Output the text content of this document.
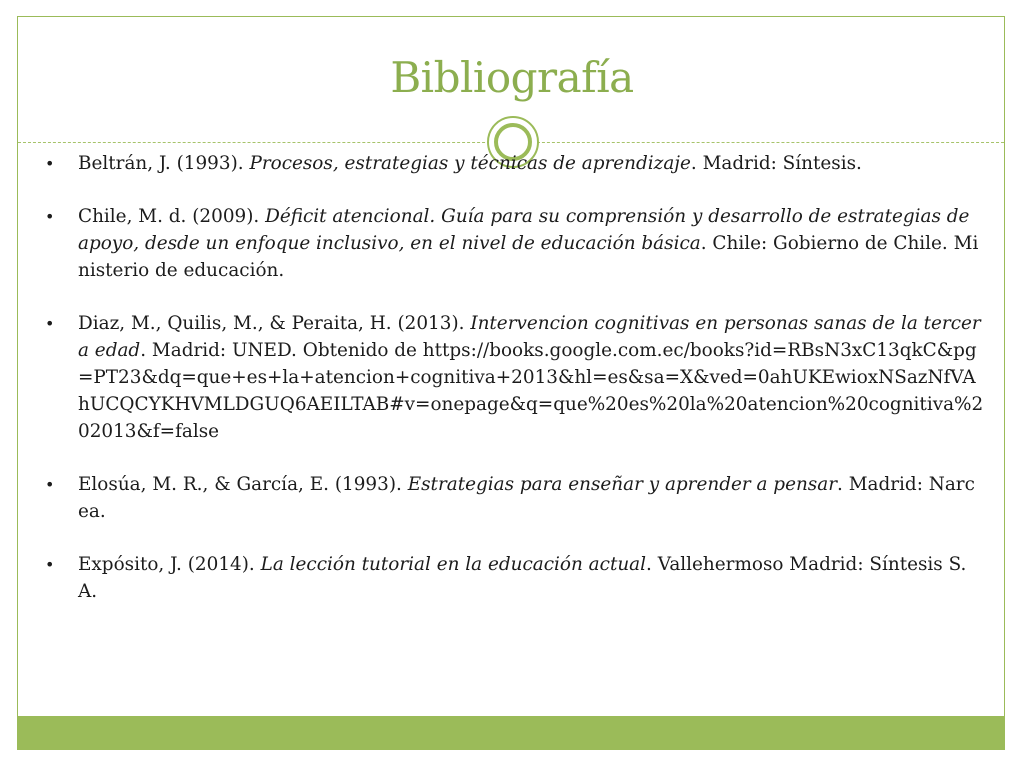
Bibliografía
• Beltrán, J. (1993). Procesos, estrategias y técnicas de aprendizaje. Madrid: Síntesis.
• Chile, M. d. (2009). Déficit atencional. Guía para su comprensión y desarrollo de estrategias de apoyo, desde un enfoque inclusivo, en el nivel de educación básica. Chile: Gobierno de Chile. Ministerio de educación.
• Diaz, M., Quilis, M., & Peraita, H. (2013). Intervencion cognitivas en personas sanas de la tercera edad. Madrid: UNED. Obtenido de https://books.google.com.ec/books?id=RBsN3xC13qkC&pg=PT23&dq=que+es+la+atencion+cognitiva+2013&hl=es&sa=X&ved=0ahUKEwioxNSazNfVAhUCQCYKHVMLDGUQ6AEILTAB#v=onepage&q=que%20es%20la%20atencion%20cognitiva%202013&f=false
• Elosúa, M. R., & García, E. (1993). Estrategias para enseñar y aprender a pensar. Madrid: Narcea.
• Expósito, J. (2014). La lección tutorial en la educación actual. Vallehermoso Madrid: Síntesis S.A.
